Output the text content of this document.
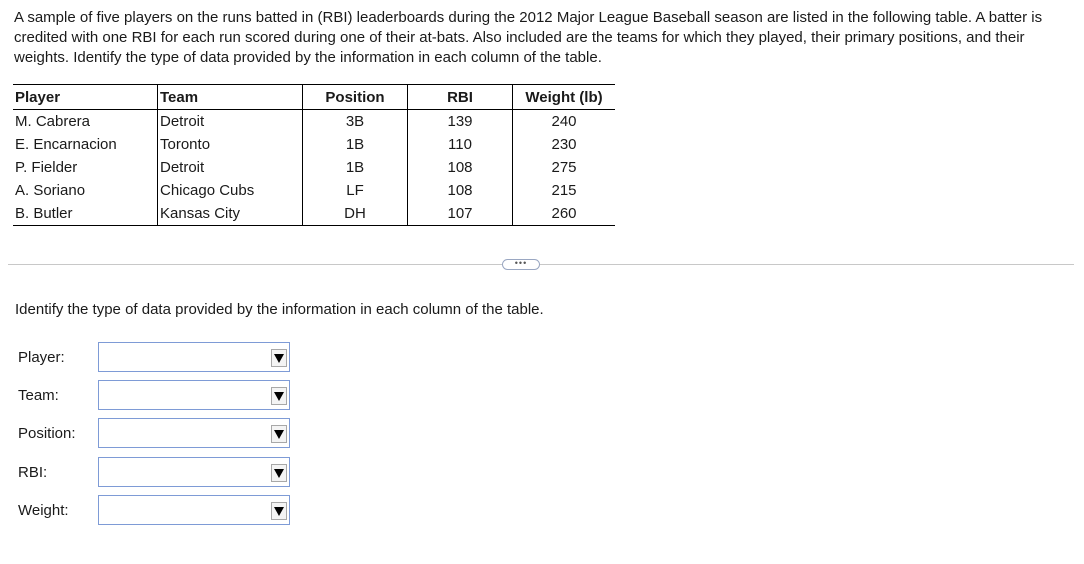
A sample of five players on the runs batted in (RBI) leaderboards during the 2012 Major League Baseball season are listed in the following table. A batter is credited with one RBI for each run scored during one of their at-bats. Also included are the teams for which they played, their primary positions, and their weights. Identify the type of data provided by the information in each column of the table.

Player	Team	Position	RBI	Weight (lb)
M. Cabrera	Detroit	3B	139	240
E. Encarnacion	Toronto	1B	110	230
P. Fielder	Detroit	1B	108	275
A. Soriano	Chicago Cubs	LF	108	215
B. Butler	Kansas City	DH	107	260
•••

Identify the type of data provided by the information in each column of the table.

Player:
Team:
Position:
RBI:
Weight:
